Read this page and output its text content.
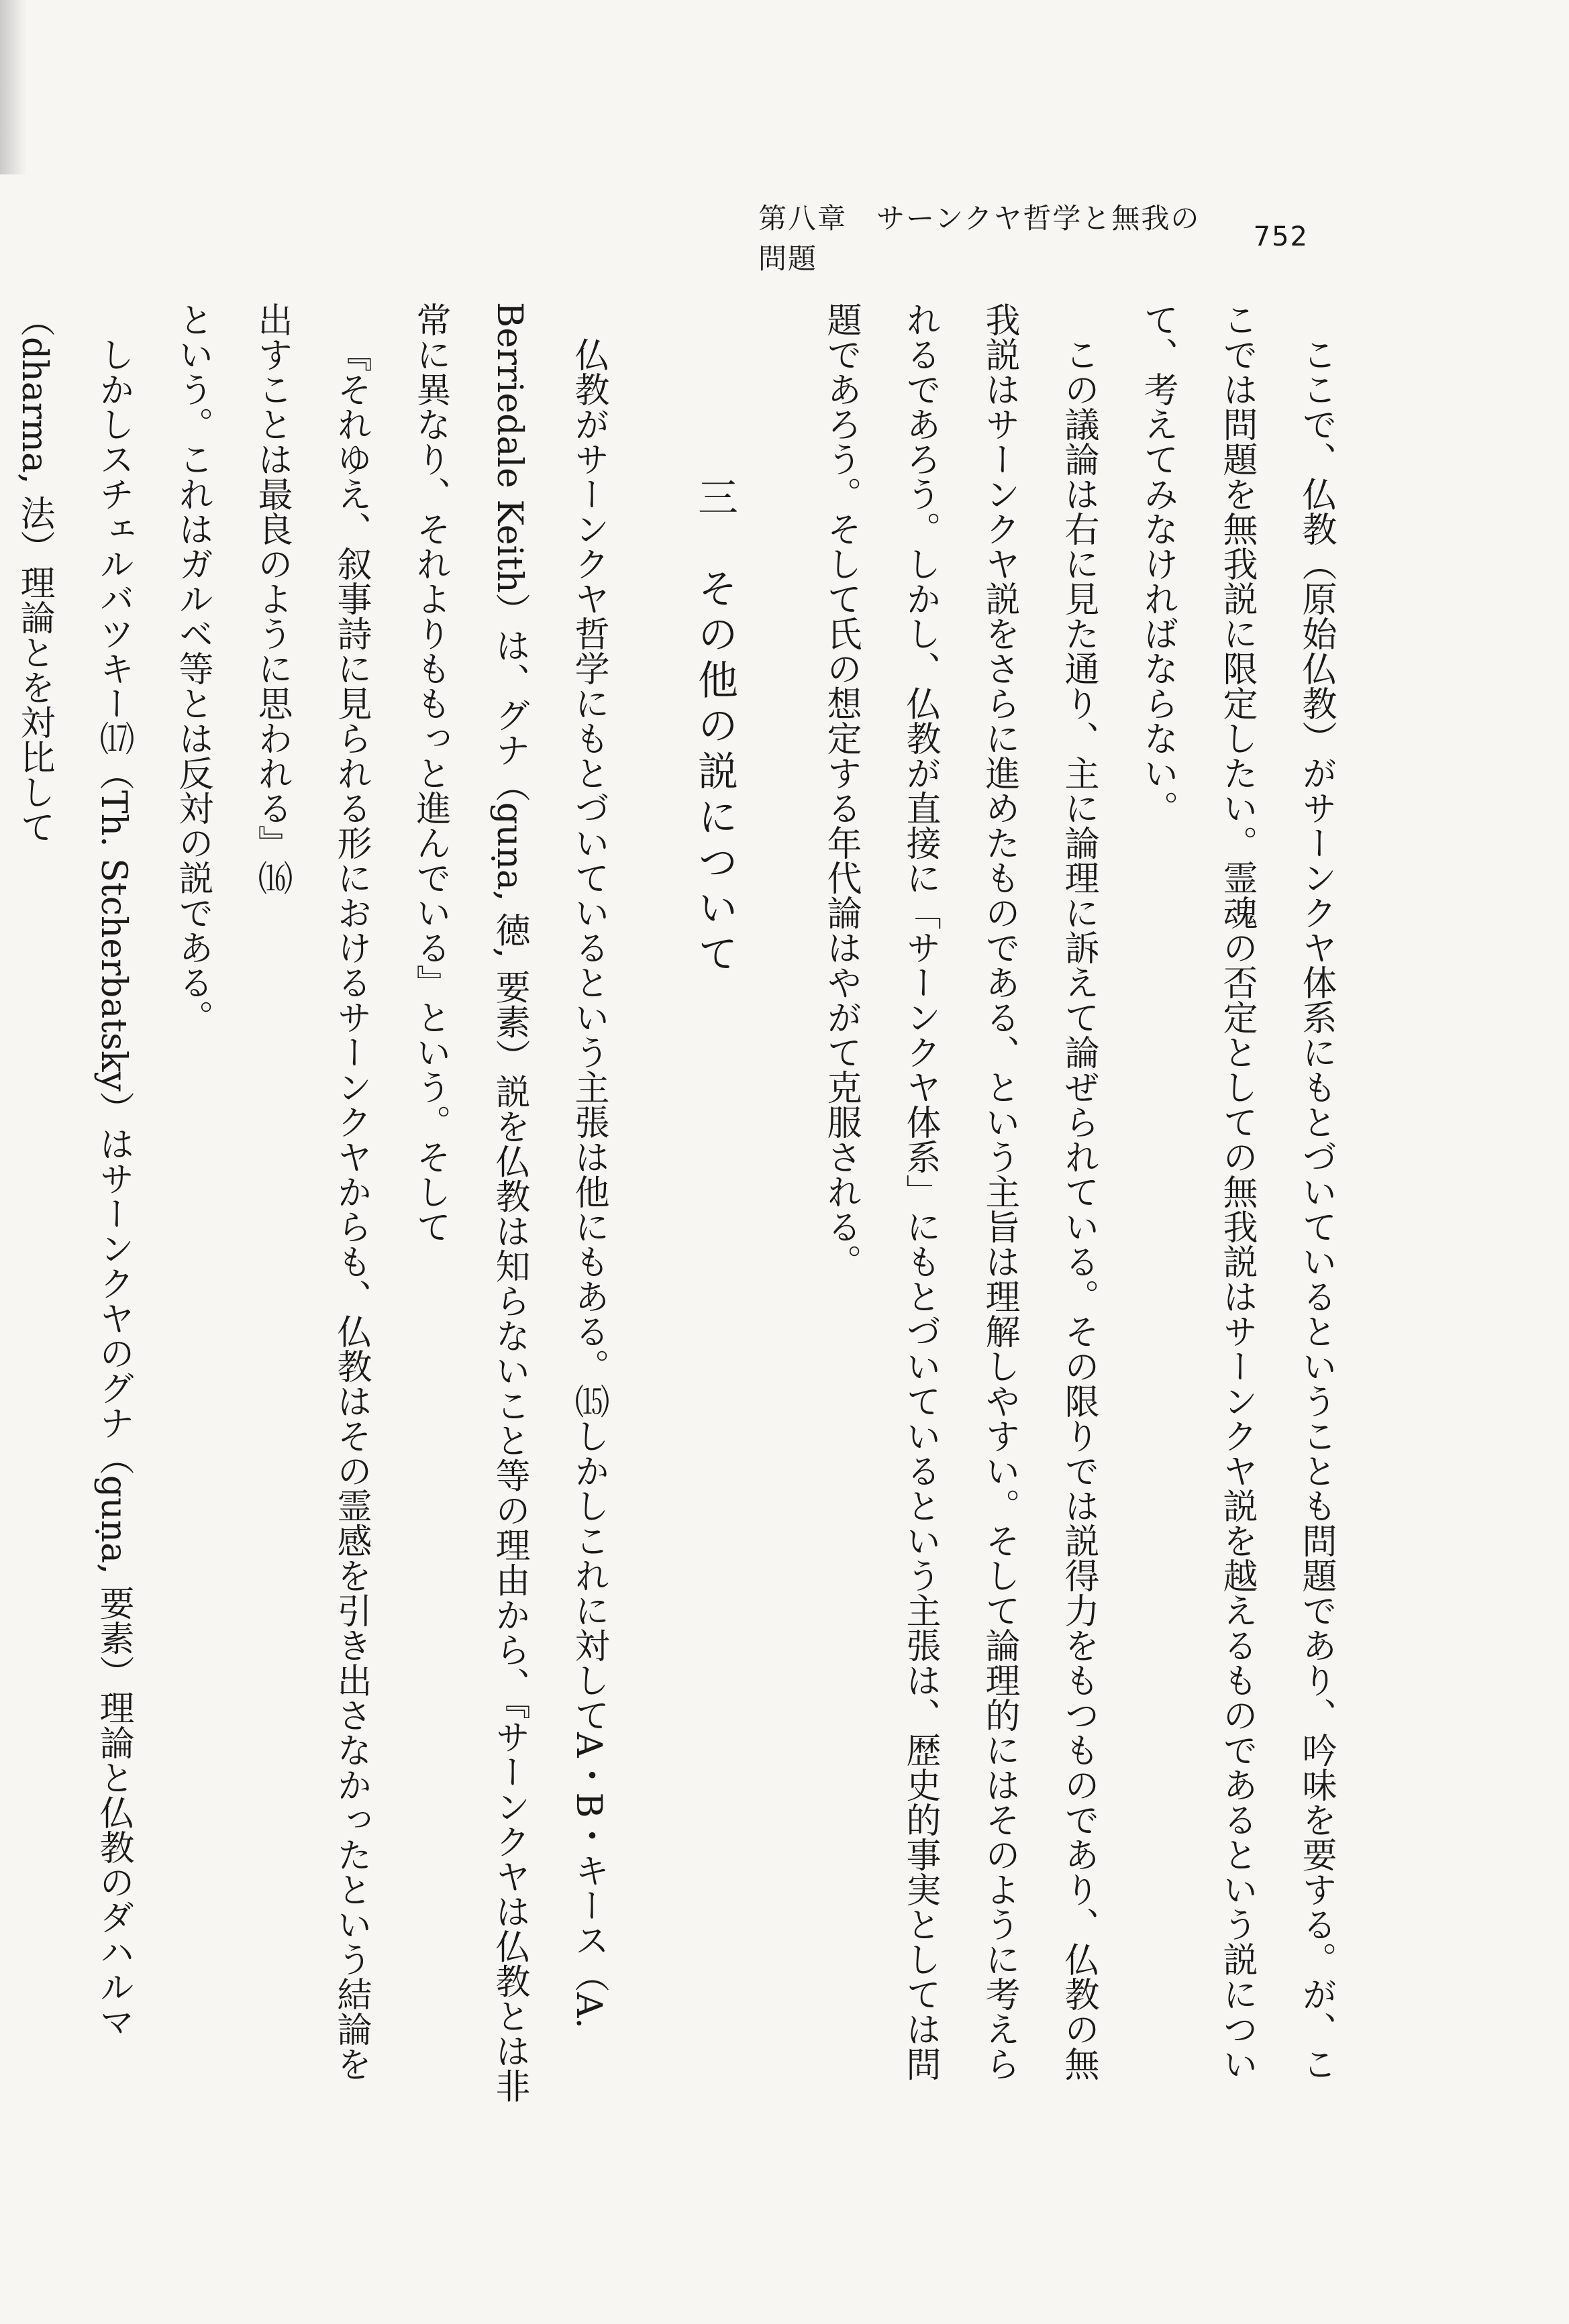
第八章　サーンクヤ哲学と無我の問題
752

ここで、仏教（原始仏教）がサーンクヤ体系にもとづいているということも問題であり、吟味を要する。が、ここでは問題を無我説に限定したい。霊魂の否定としての無我説はサーンクヤ説を越えるものであるという説について、考えてみなければならない。

この議論は右に見た通り、主に論理に訴えて論ぜられている。その限りでは説得力をもつものであり、仏教の無我説はサーンクヤ説をさらに進めたものである、という主旨は理解しやすい。そして論理的にはそのように考えられるであろう。しかし、仏教が直接に「サーンクヤ体系」にもとづいているという主張は、歴史的事実としては問題であろう。そして氏の想定する年代論はやがて克服される。

三　その他の説について

仏教がサーンクヤ哲学にもとづいているという主張は他にもある。⒂しかしこれに対してA・B・キース（A. Berriedale Keith）は、グナ（guṇa, 徳, 要素）説を仏教は知らないこと等の理由から、『サーンクヤは仏教とは非常に異なり、それよりももっと進んでいる』という。そして

『それゆえ、叙事詩に見られる形におけるサーンクヤからも、仏教はその霊感を引き出さなかったという結論を出すことは最良のように思われる』⒃

という。これはガルベ等とは反対の説である。

しかしスチェルバツキー⒄（Th. Stcherbatsky）はサーンクヤのグナ（guṇa, 要素）理論と仏教のダハルマ（dharma, 法）理論とを対比して
